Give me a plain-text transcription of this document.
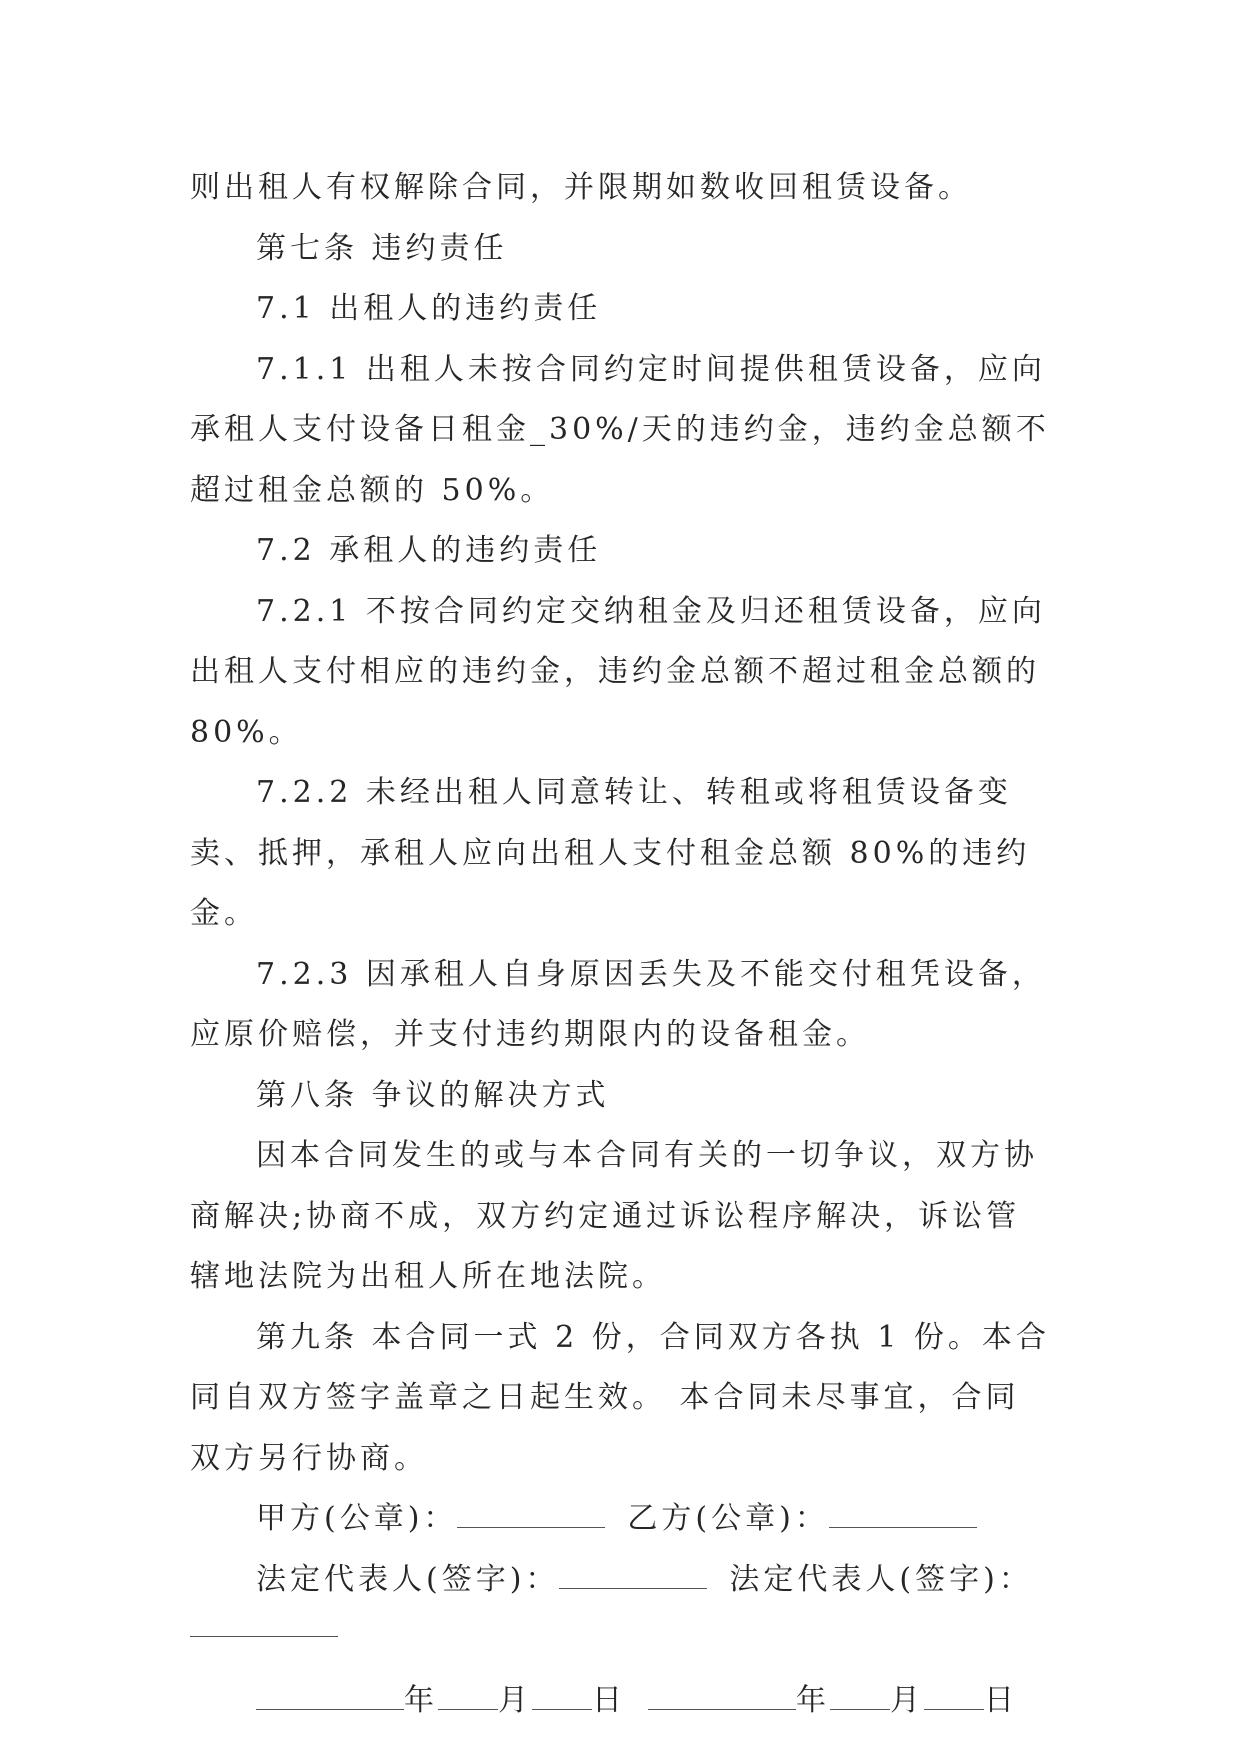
则出租人有权解除合同，并限期如数收回租赁设备。

第七条 违约责任

7.1 出租人的违约责任

7.1.1 出租人未按合同约定时间提供租赁设备，应向承租人支付设备日租金_30%/天的违约金，违约金总额不超过租金总额的 50%。

7.2 承租人的违约责任

7.2.1 不按合同约定交纳租金及归还租赁设备，应向出租人支付相应的违约金，违约金总额不超过租金总额的 80%。

7.2.2 未经出租人同意转让、转租或将租赁设备变卖、抵押，承租人应向出租人支付租金总额 80%的违约金。

7.2.3 因承租人自身原因丢失及不能交付租凭设备，应原价赔偿，并支付违约期限内的设备租金。

第八条 争议的解决方式

因本合同发生的或与本合同有关的一切争议，双方协商解决;协商不成，双方约定通过诉讼程序解决，诉讼管辖地法院为出租人所在地法院。

第九条 本合同一式 2 份，合同双方各执 1 份。本合同自双方签字盖章之日起生效。 本合同未尽事宜，合同双方另行协商。

甲方(公章)：	乙方(公章)：

法定代表人(签字)：	法定代表人(签字)：

年 月 日	年 月 日
